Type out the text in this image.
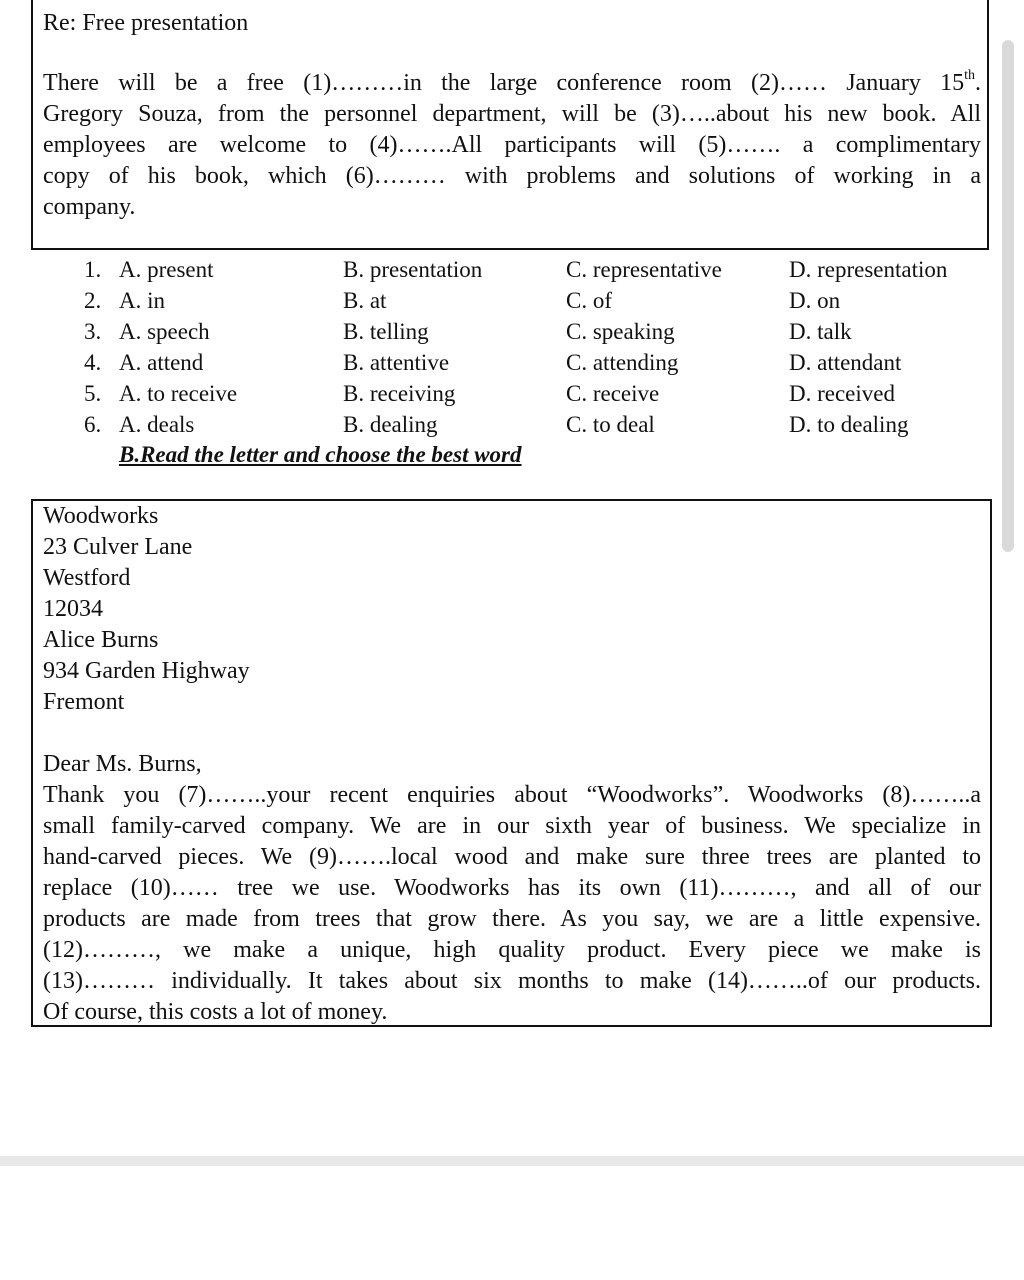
Re: Free presentation
There will be a free (1)………in the large conference room (2)…… January 15th.
Gregory Souza, from the personnel department, will be (3)…..about his new book. All
employees are welcome to (4)…….All participants will (5)……. a complimentary
copy of his book, which (6)……… with problems and solutions of working in a
company.
1. A. present	B. presentation	C. representative	D. representation
2. A. in	B. at	C. of	D. on
3. A. speech	B. telling	C. speaking	D. talk
4. A. attend	B. attentive	C. attending	D. attendant
5. A. to receive	B. receiving	C. receive	D. received
6. A. deals	B. dealing	C. to deal	D. to dealing
B.Read the letter and choose the best word
Woodworks
23 Culver Lane
Westford
12034
Alice Burns
934 Garden Highway
Fremont
Dear Ms. Burns,
Thank you (7)……..your recent enquiries about “Woodworks”. Woodworks (8)……..a
small family-carved company. We are in our sixth year of business. We specialize in
hand-carved pieces. We (9)…….local wood and make sure three trees are planted to
replace (10)…… tree we use. Woodworks has its own (11)………, and all of our
products are made from trees that grow there. As you say, we are a little expensive.
(12)………, we make a unique, high quality product. Every piece we make is
(13)……… individually. It takes about six months to make (14)……..of our products.
Of course, this costs a lot of money.
